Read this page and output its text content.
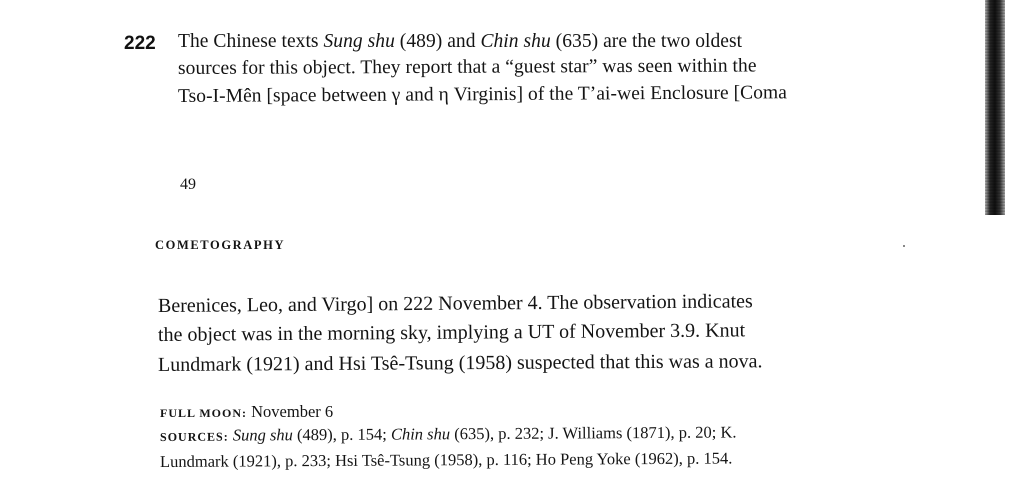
222 The Chinese texts Sung shu (489) and Chin shu (635) are the two oldest
sources for this object. They report that a “guest star” was seen within the
Tso-I-Mên [space between γ and η Virginis] of the T’ai-wei Enclosure [Coma
49
COMETOGRAPHY
Berenices, Leo, and Virgo] on 222 November 4. The observation indicates
the object was in the morning sky, implying a UT of November 3.9. Knut
Lundmark (1921) and Hsi Tsê-Tsung (1958) suspected that this was a nova.
FULL MOON: November 6
SOURCES: Sung shu (489), p. 154; Chin shu (635), p. 232; J. Williams (1871), p. 20; K.
Lundmark (1921), p. 233; Hsi Tsê-Tsung (1958), p. 116; Ho Peng Yoke (1962), p. 154.
